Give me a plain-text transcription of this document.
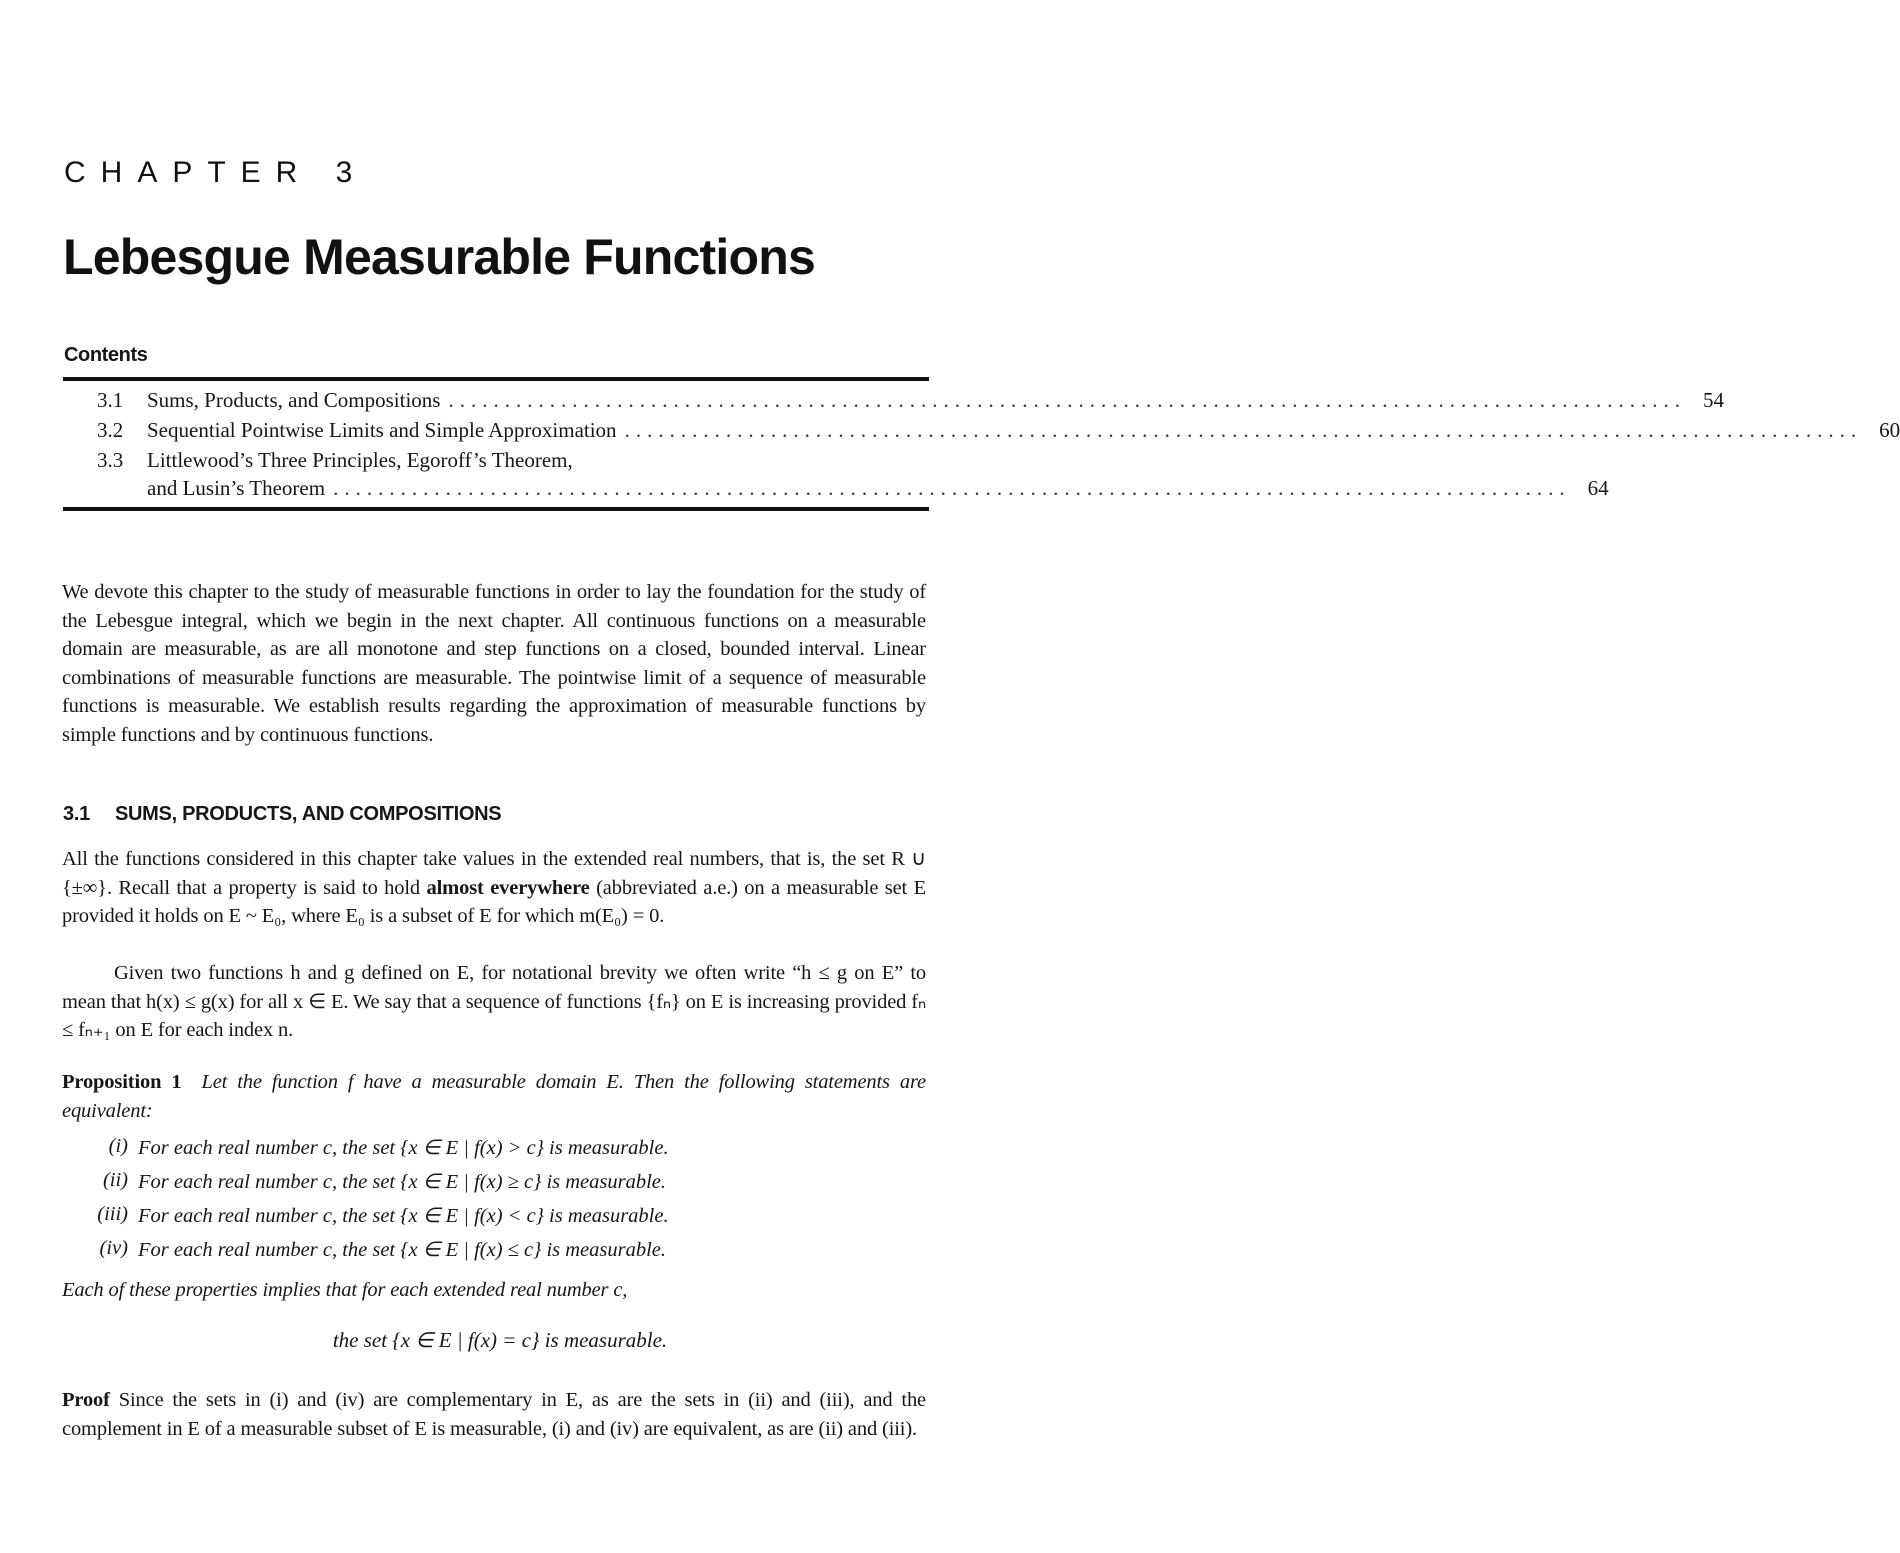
CHAPTER 3
Lebesgue Measurable Functions
Contents
3.1	Sums, Products, and Compositions .............................................................................................................. 54
3.2	Sequential Pointwise Limits and Simple Approximation .............................................................................................................. 60
3.3	Littlewood’s Three Principles, Egoroff’s Theorem,
and Lusin’s Theorem .............................................................................................................. 64

We devote this chapter to the study of measurable functions in order to lay the foundation for the study of the Lebesgue integral, which we begin in the next chapter. All continuous functions on a measurable domain are measurable, as are all monotone and step functions on a closed, bounded interval. Linear combinations of measurable functions are measurable. The pointwise limit of a sequence of measurable functions is measurable. We establish results regarding the approximation of measurable functions by simple functions and by continuous functions.

3.1 SUMS, PRODUCTS, AND COMPOSITIONS

All the functions considered in this chapter take values in the extended real numbers, that is, the set R ∪ {±∞}. Recall that a property is said to hold almost everywhere (abbreviated a.e.) on a measurable set E provided it holds on E ~ E₀, where E₀ is a subset of E for which m(E₀) = 0.

Given two functions h and g defined on E, for notational brevity we often write “h ≤ g on E” to mean that h(x) ≤ g(x) for all x ∈ E. We say that a sequence of functions {fₙ} on E is increasing provided fₙ ≤ fₙ₊₁ on E for each index n.

Proposition 1 Let the function f have a measurable domain E. Then the following statements are equivalent:

(i) For each real number c, the set {x ∈ E | f(x) > c} is measurable.
(ii) For each real number c, the set {x ∈ E | f(x) ≥ c} is measurable.
(iii) For each real number c, the set {x ∈ E | f(x) < c} is measurable.
(iv) For each real number c, the set {x ∈ E | f(x) ≤ c} is measurable.

Each of these properties implies that for each extended real number c,

the set {x ∈ E | f(x) = c} is measurable.

Proof Since the sets in (i) and (iv) are complementary in E, as are the sets in (ii) and (iii), and the complement in E of a measurable subset of E is measurable, (i) and (iv) are equivalent, as are (ii) and (iii).
